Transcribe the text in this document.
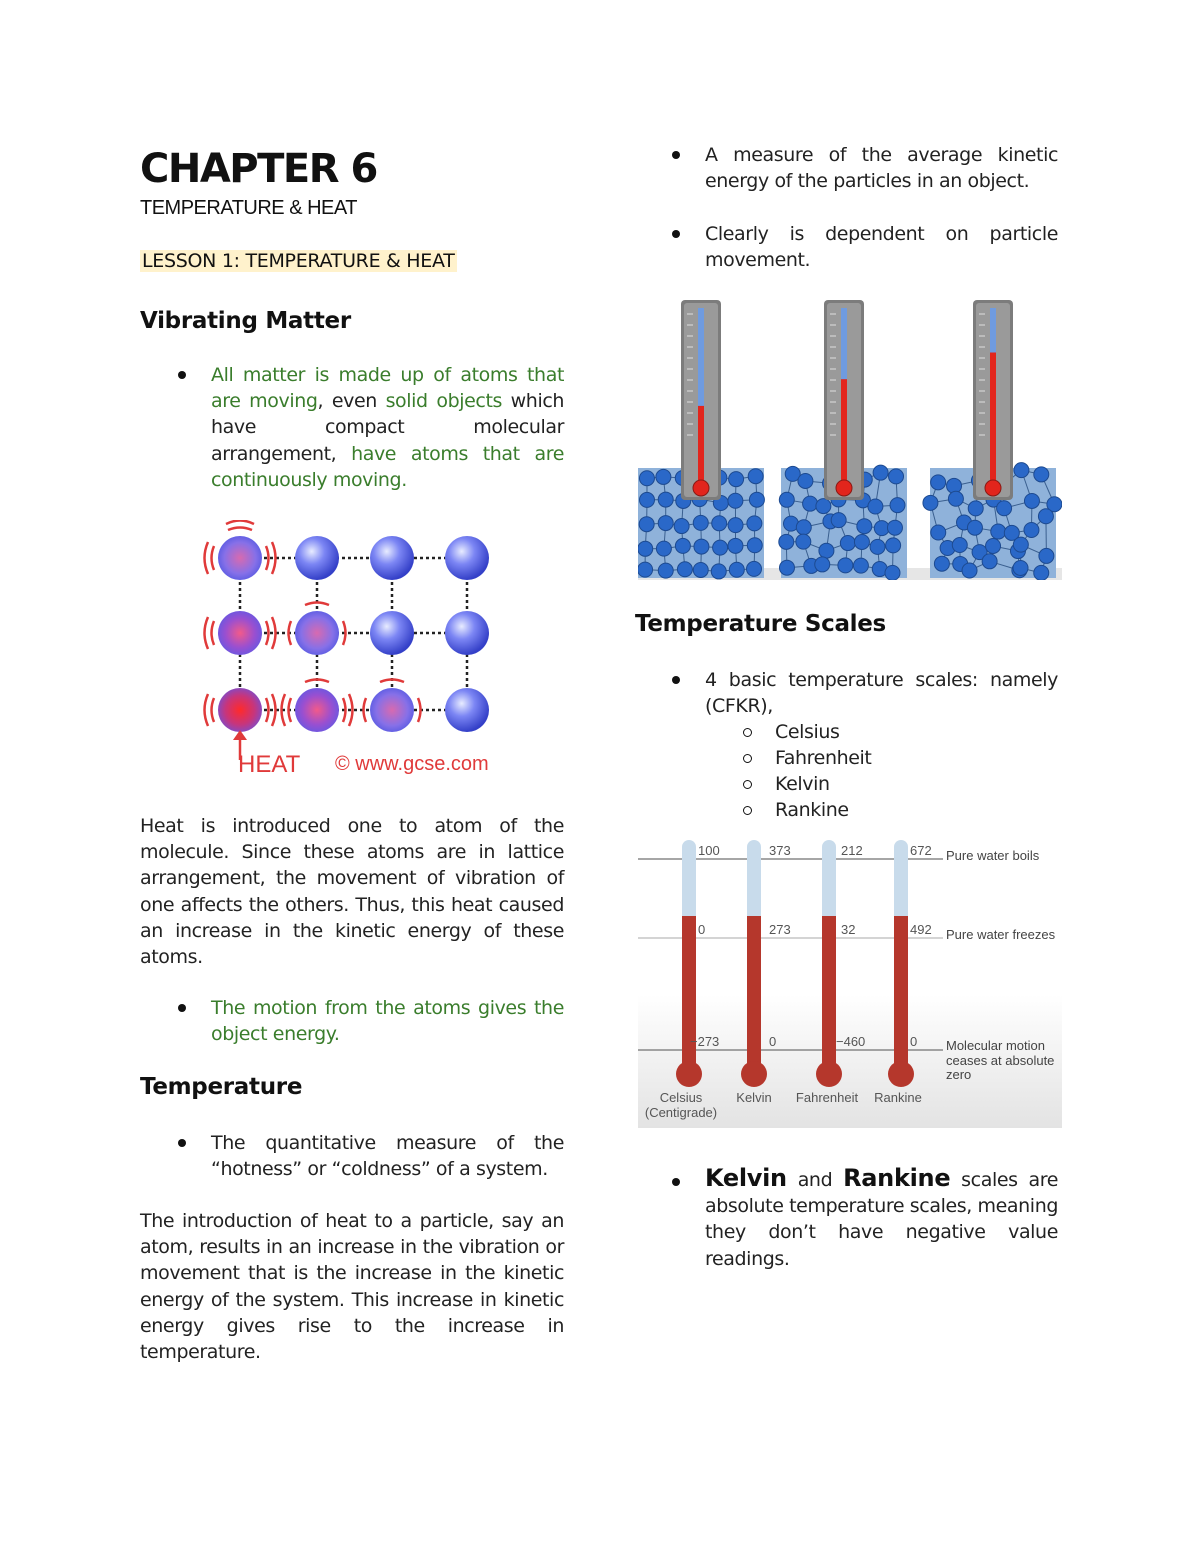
CHAPTER 6
TEMPERATURE & HEAT
LESSON 1: TEMPERATURE & HEAT
Vibrating Matter
All matter is made up of atoms that are moving, even solid objects which have compact molecular arrangement, have atoms that are continuously moving.
HEAT © www.gcse.com
Heat is introduced one to atom of the molecule. Since these atoms are in lattice arrangement, the movement of vibration of one affects the others. Thus, this heat caused an increase in the kinetic energy of these atoms.
The motion from the atoms gives the object energy.
Temperature
The quantitative measure of the “hotness” or “coldness” of a system.
The introduction of heat to a particle, say an atom, results in an increase in the vibration or movement that is the increase in the kinetic energy of the system. This increase in kinetic energy gives rise to the increase in temperature.
A measure of the average kinetic energy of the particles in an object.
Clearly is dependent on particle movement.
Temperature Scales
4 basic temperature scales: namely (CFKR),
Celsius
Fahrenheit
Kelvin
Rankine
100
0
−273
373
273
0
212
32
−460
672
492
0
Pure water boils
Pure water freezes
Molecular motion
ceases at absolute
zero
Celsius
(Centigrade)
Kelvin Fahrenheit Rankine
Kelvin and Rankine scales are absolute temperature scales, meaning they don’t have negative value readings.
